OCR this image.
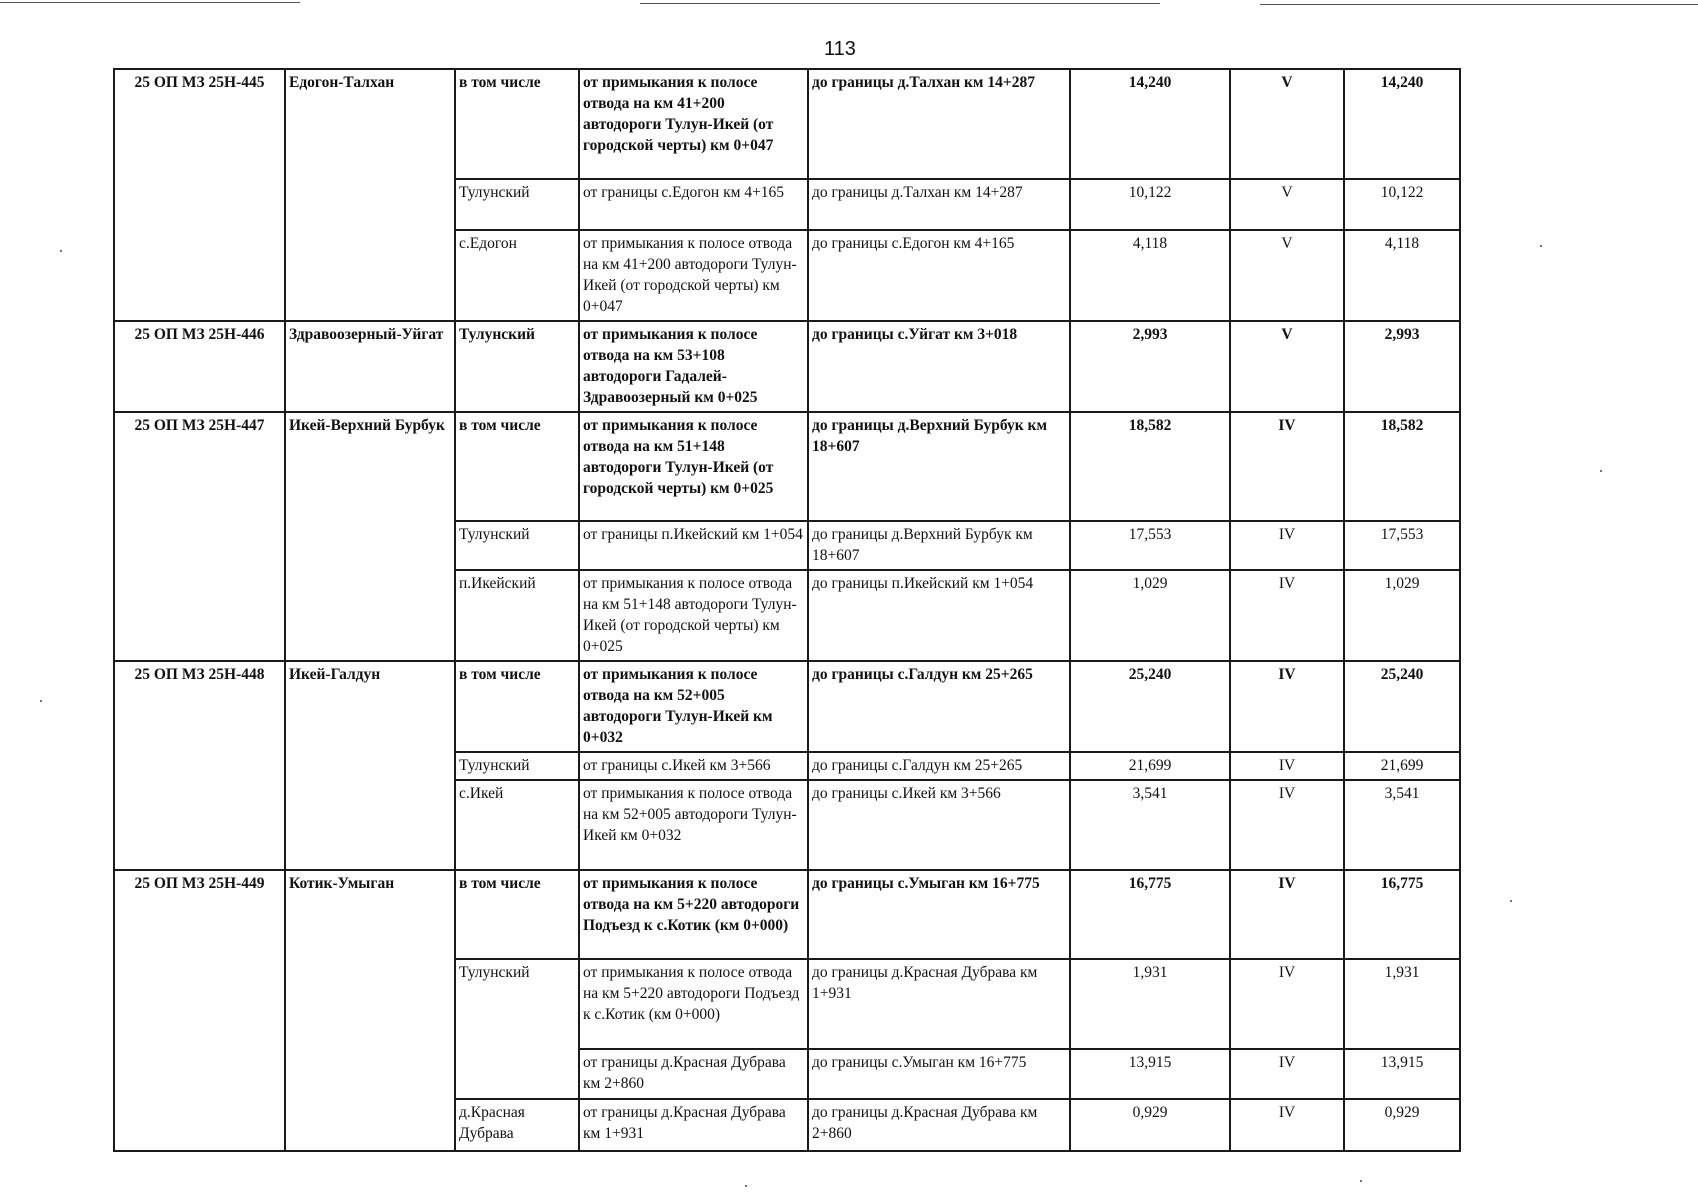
113
25 ОП МЗ 25Н-445	Едогон-Талхан	в том числе	от примыкания к полосе отвода на км 41+200 автодороги Тулун-Икей (от городской черты) км 0+047	до границы д.Талхан км 14+287	14,240	V	14,240
		Тулунский	от границы с.Едогон км 4+165	до границы д.Талхан км 14+287	10,122	V	10,122
		с.Едогон	от примыкания к полосе отвода на км 41+200 автодороги Тулун-Икей (от городской черты) км 0+047	до границы с.Едогон км 4+165	4,118	V	4,118
25 ОП МЗ 25Н-446	Здравоозерный-Уйгат	Тулунский	от примыкания к полосе отвода на км 53+108 автодороги Гадалей-Здравоозерный км 0+025	до границы с.Уйгат км 3+018	2,993	V	2,993
25 ОП МЗ 25Н-447	Икей-Верхний Бурбук	в том числе	от примыкания к полосе отвода на км 51+148 автодороги Тулун-Икей (от городской черты) км 0+025	до границы д.Верхний Бурбук км 18+607	18,582	IV	18,582
		Тулунский	от границы п.Икейский км 1+054	до границы д.Верхний Бурбук км 18+607	17,553	IV	17,553
		п.Икейский	от примыкания к полосе отвода на км 51+148 автодороги Тулун-Икей (от городской черты) км 0+025	до границы п.Икейский км 1+054	1,029	IV	1,029
25 ОП МЗ 25Н-448	Икей-Галдун	в том числе	от примыкания к полосе отвода на км 52+005 автодороги Тулун-Икей км 0+032	до границы с.Галдун км 25+265	25,240	IV	25,240
		Тулунский	от границы с.Икей км 3+566	до границы с.Галдун км 25+265	21,699	IV	21,699
		с.Икей	от примыкания к полосе отвода на км 52+005 автодороги Тулун-Икей км 0+032	до границы с.Икей км 3+566	3,541	IV	3,541
25 ОП МЗ 25Н-449	Котик-Умыган	в том числе	от примыкания к полосе отвода на км 5+220 автодороги Подъезд к с.Котик (км 0+000)	до границы с.Умыган км 16+775	16,775	IV	16,775
		Тулунский	от примыкания к полосе отвода на км 5+220 автодороги Подъезд к с.Котик (км 0+000)	до границы д.Красная Дубрава км 1+931	1,931	IV	1,931
			от границы д.Красная Дубрава км 2+860	до границы с.Умыган км 16+775	13,915	IV	13,915
		д.Красная Дубрава	от границы д.Красная Дубрава км 1+931	до границы д.Красная Дубрава км 2+860	0,929	IV	0,929
